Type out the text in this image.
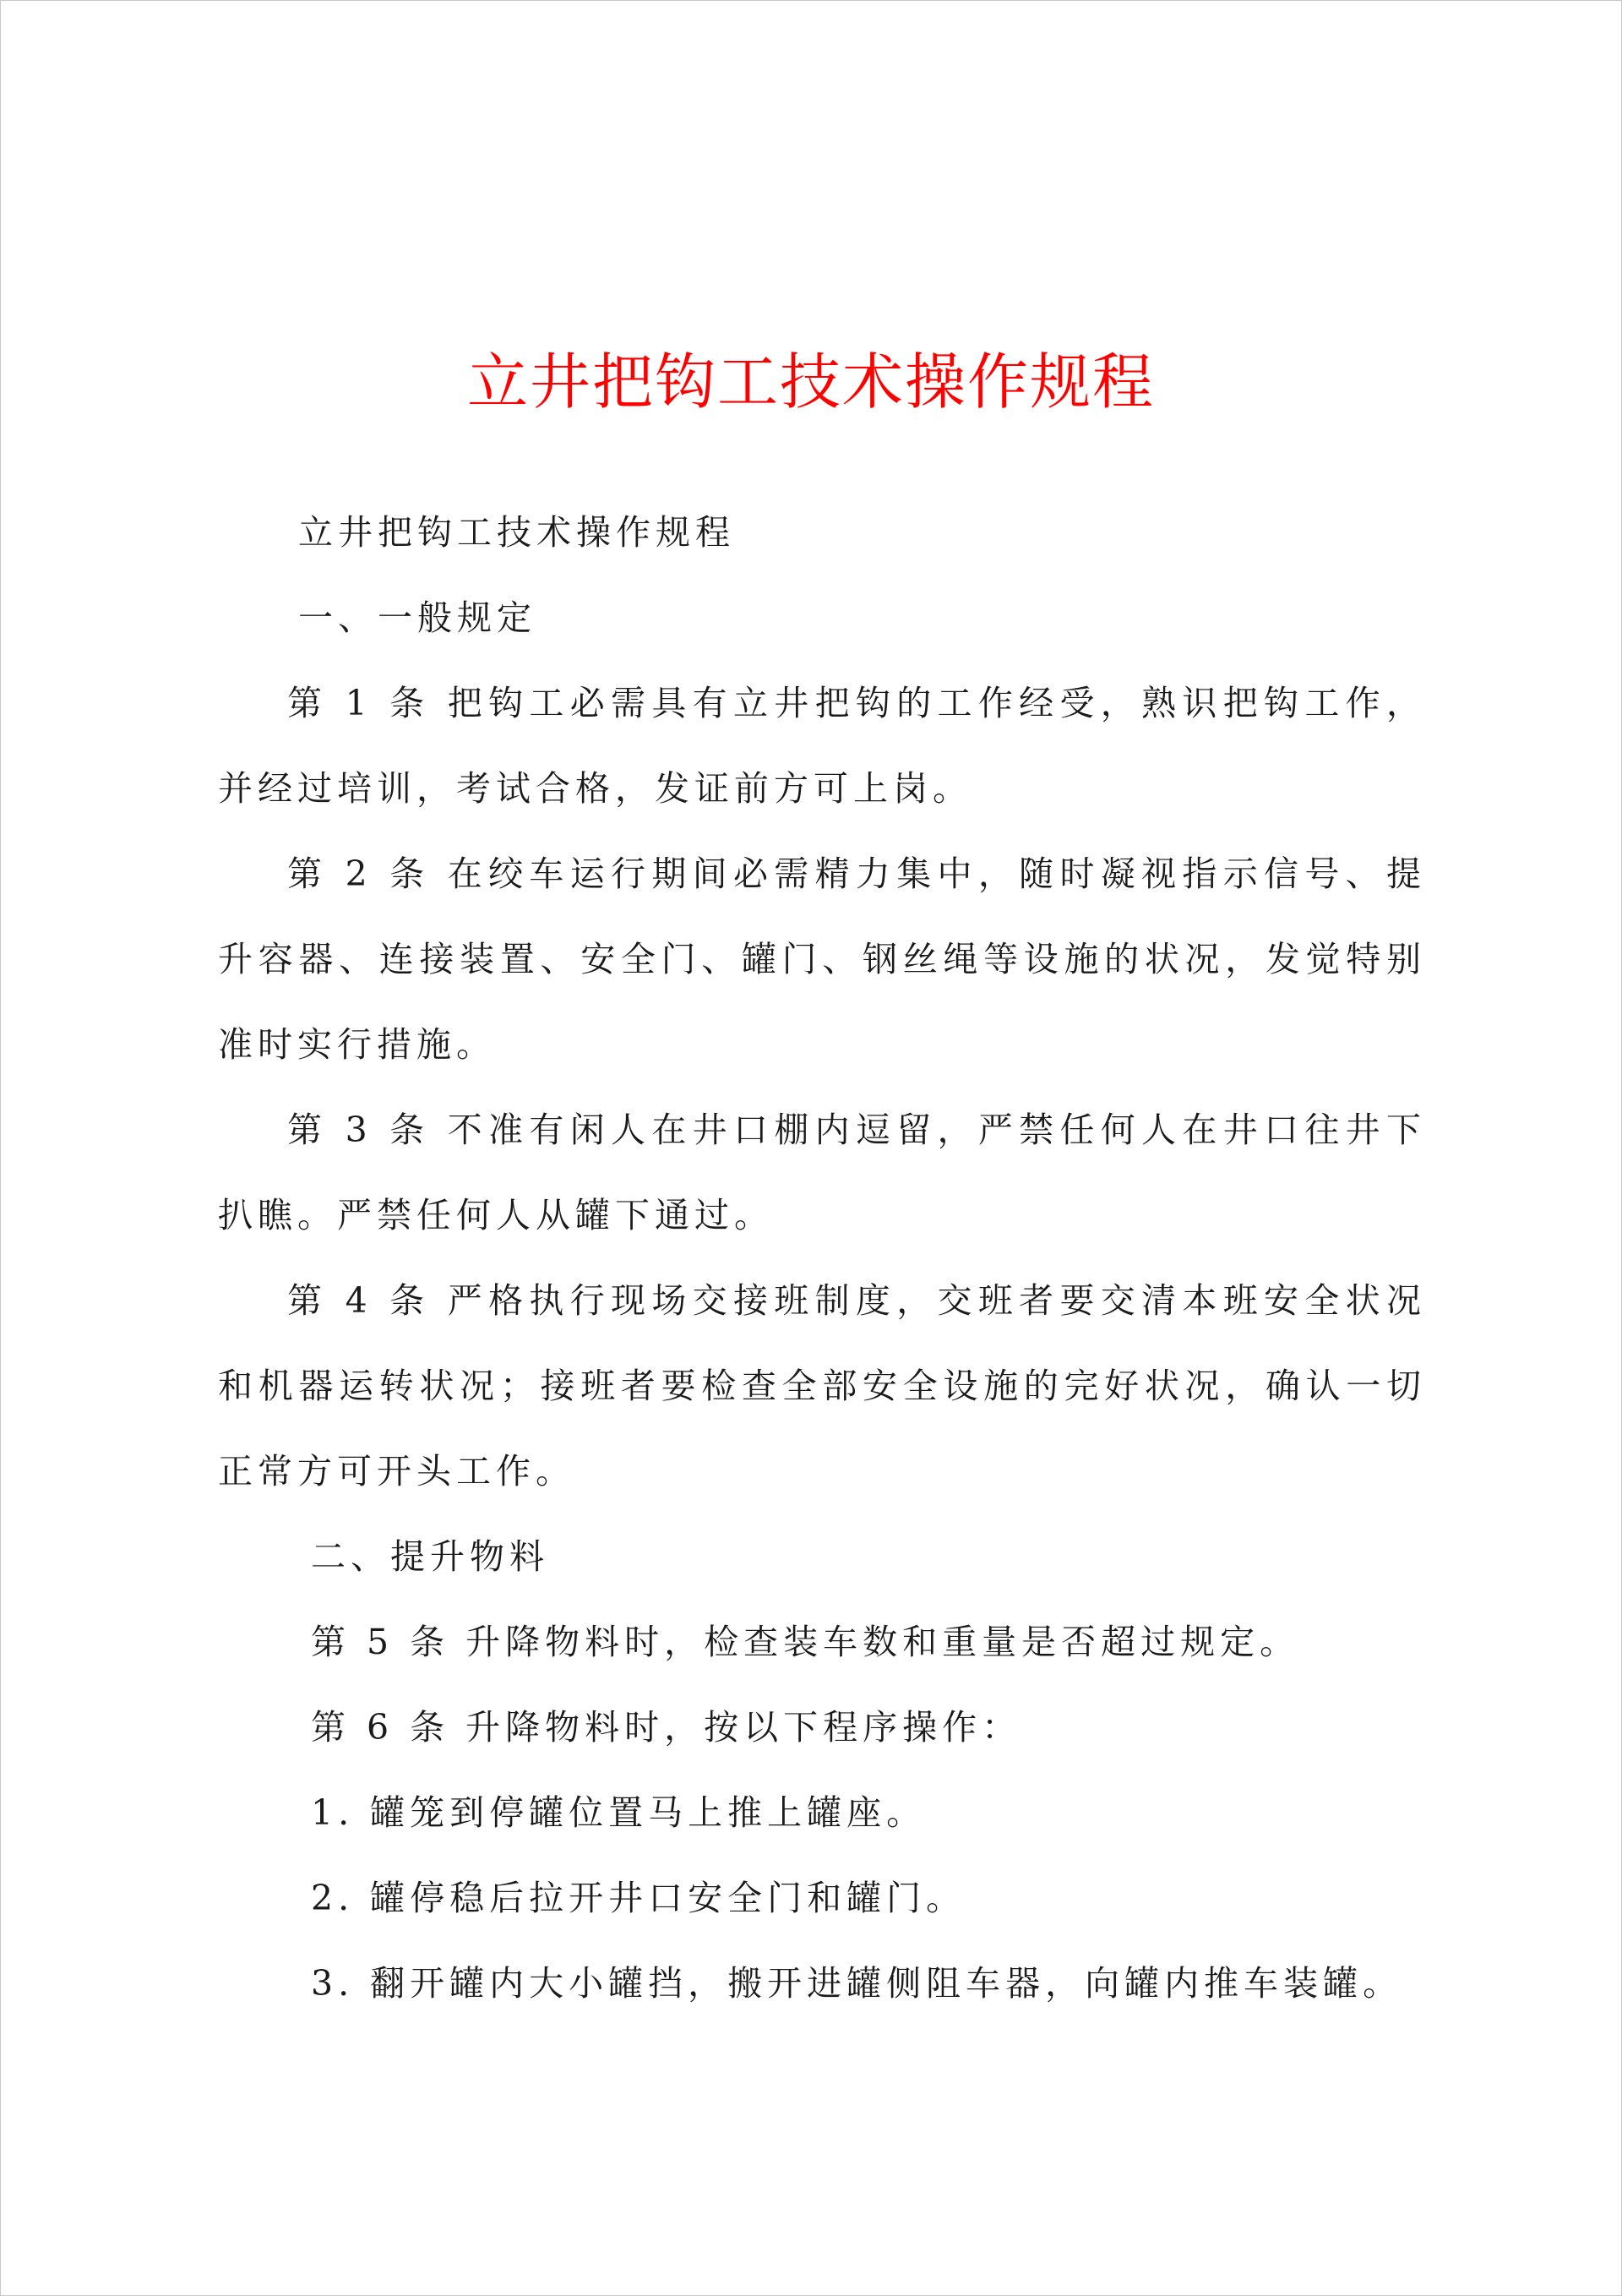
立井把钩工技术操作规程

立井把钩工技术操作规程

一、一般规定

第 1 条 把钩工必需具有立井把钩的工作经受，熟识把钩工作，并经过培训，考试合格，发证前方可上岗。

第 2 条 在绞车运行期间必需精力集中，随时凝视指示信号、提升容器、连接装置、安全门、罐门、钢丝绳等设施的状况，发觉特别准时实行措施。

第 3 条 不准有闲人在井口棚内逗留，严禁任何人在井口往井下扒瞧。严禁任何人从罐下通过。

第 4 条 严格执行现场交接班制度，交班者要交清本班安全状况和机器运转状况；接班者要检查全部安全设施的完好状况，确认一切正常方可开头工作。

二、提升物料

第 5 条 升降物料时，检查装车数和重量是否超过规定。

第 6 条 升降物料时，按以下程序操作：

1. 罐笼到停罐位置马上推上罐座。

2. 罐停稳后拉开井口安全门和罐门。

3. 翻开罐内大小罐挡，搬开进罐侧阻车器，向罐内推车装罐。
